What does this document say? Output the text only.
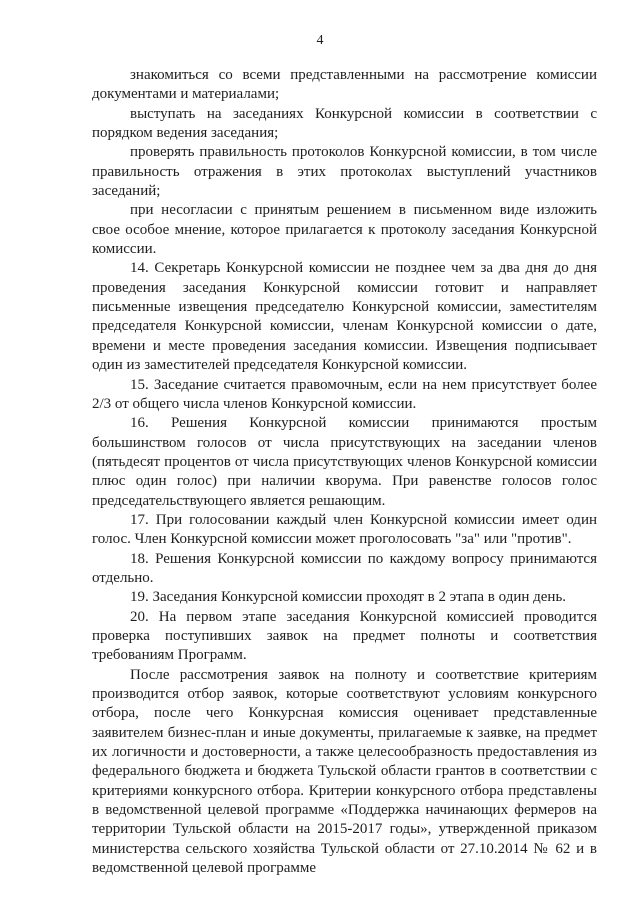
4

знакомиться со всеми представленными на рассмотрение комиссии документами и материалами;

выступать на заседаниях Конкурсной комиссии в соответствии с порядком ведения заседания;

проверять правильность протоколов Конкурсной комиссии, в том числе правильность отражения в этих протоколах выступлений участников заседаний;

при несогласии с принятым решением в письменном виде изложить свое особое мнение, которое прилагается к протоколу заседания Конкурсной комиссии.

14. Секретарь Конкурсной комиссии не позднее чем за два дня до дня проведения заседания Конкурсной комиссии готовит и направляет письменные извещения председателю Конкурсной комиссии, заместителям председателя Конкурсной комиссии, членам Конкурсной комиссии о дате, времени и месте проведения заседания комиссии. Извещения подписывает один из заместителей председателя Конкурсной комиссии.

15. Заседание считается правомочным, если на нем присутствует более 2/3 от общего числа членов Конкурсной комиссии.

16. Решения Конкурсной комиссии принимаются простым большинством голосов от числа присутствующих на заседании членов (пятьдесят процентов от числа присутствующих членов Конкурсной комиссии плюс один голос) при наличии кворума. При равенстве голосов голос председательствующего является решающим.

17. При голосовании каждый член Конкурсной комиссии имеет один голос. Член Конкурсной комиссии может проголосовать "за" или "против".

18. Решения Конкурсной комиссии по каждому вопросу принимаются отдельно.

19. Заседания Конкурсной комиссии проходят в 2 этапа в один день.

20. На первом этапе заседания Конкурсной комиссией проводится проверка поступивших заявок на предмет полноты и соответствия требованиям Программ.

После рассмотрения заявок на полноту и соответствие критериям производится отбор заявок, которые соответствуют условиям конкурсного отбора, после чего Конкурсная комиссия оценивает представленные заявителем бизнес-план и иные документы, прилагаемые к заявке, на предмет их логичности и достоверности, а также целесообразность предоставления из федерального бюджета и бюджета Тульской области грантов в соответствии с критериями конкурсного отбора. Критерии конкурсного отбора представлены в ведомственной целевой программе «Поддержка начинающих фермеров на территории Тульской области на 2015-2017 годы», утвержденной приказом министерства сельского хозяйства Тульской области от 27.10.2014 № 62 и в ведомственной целевой программе
